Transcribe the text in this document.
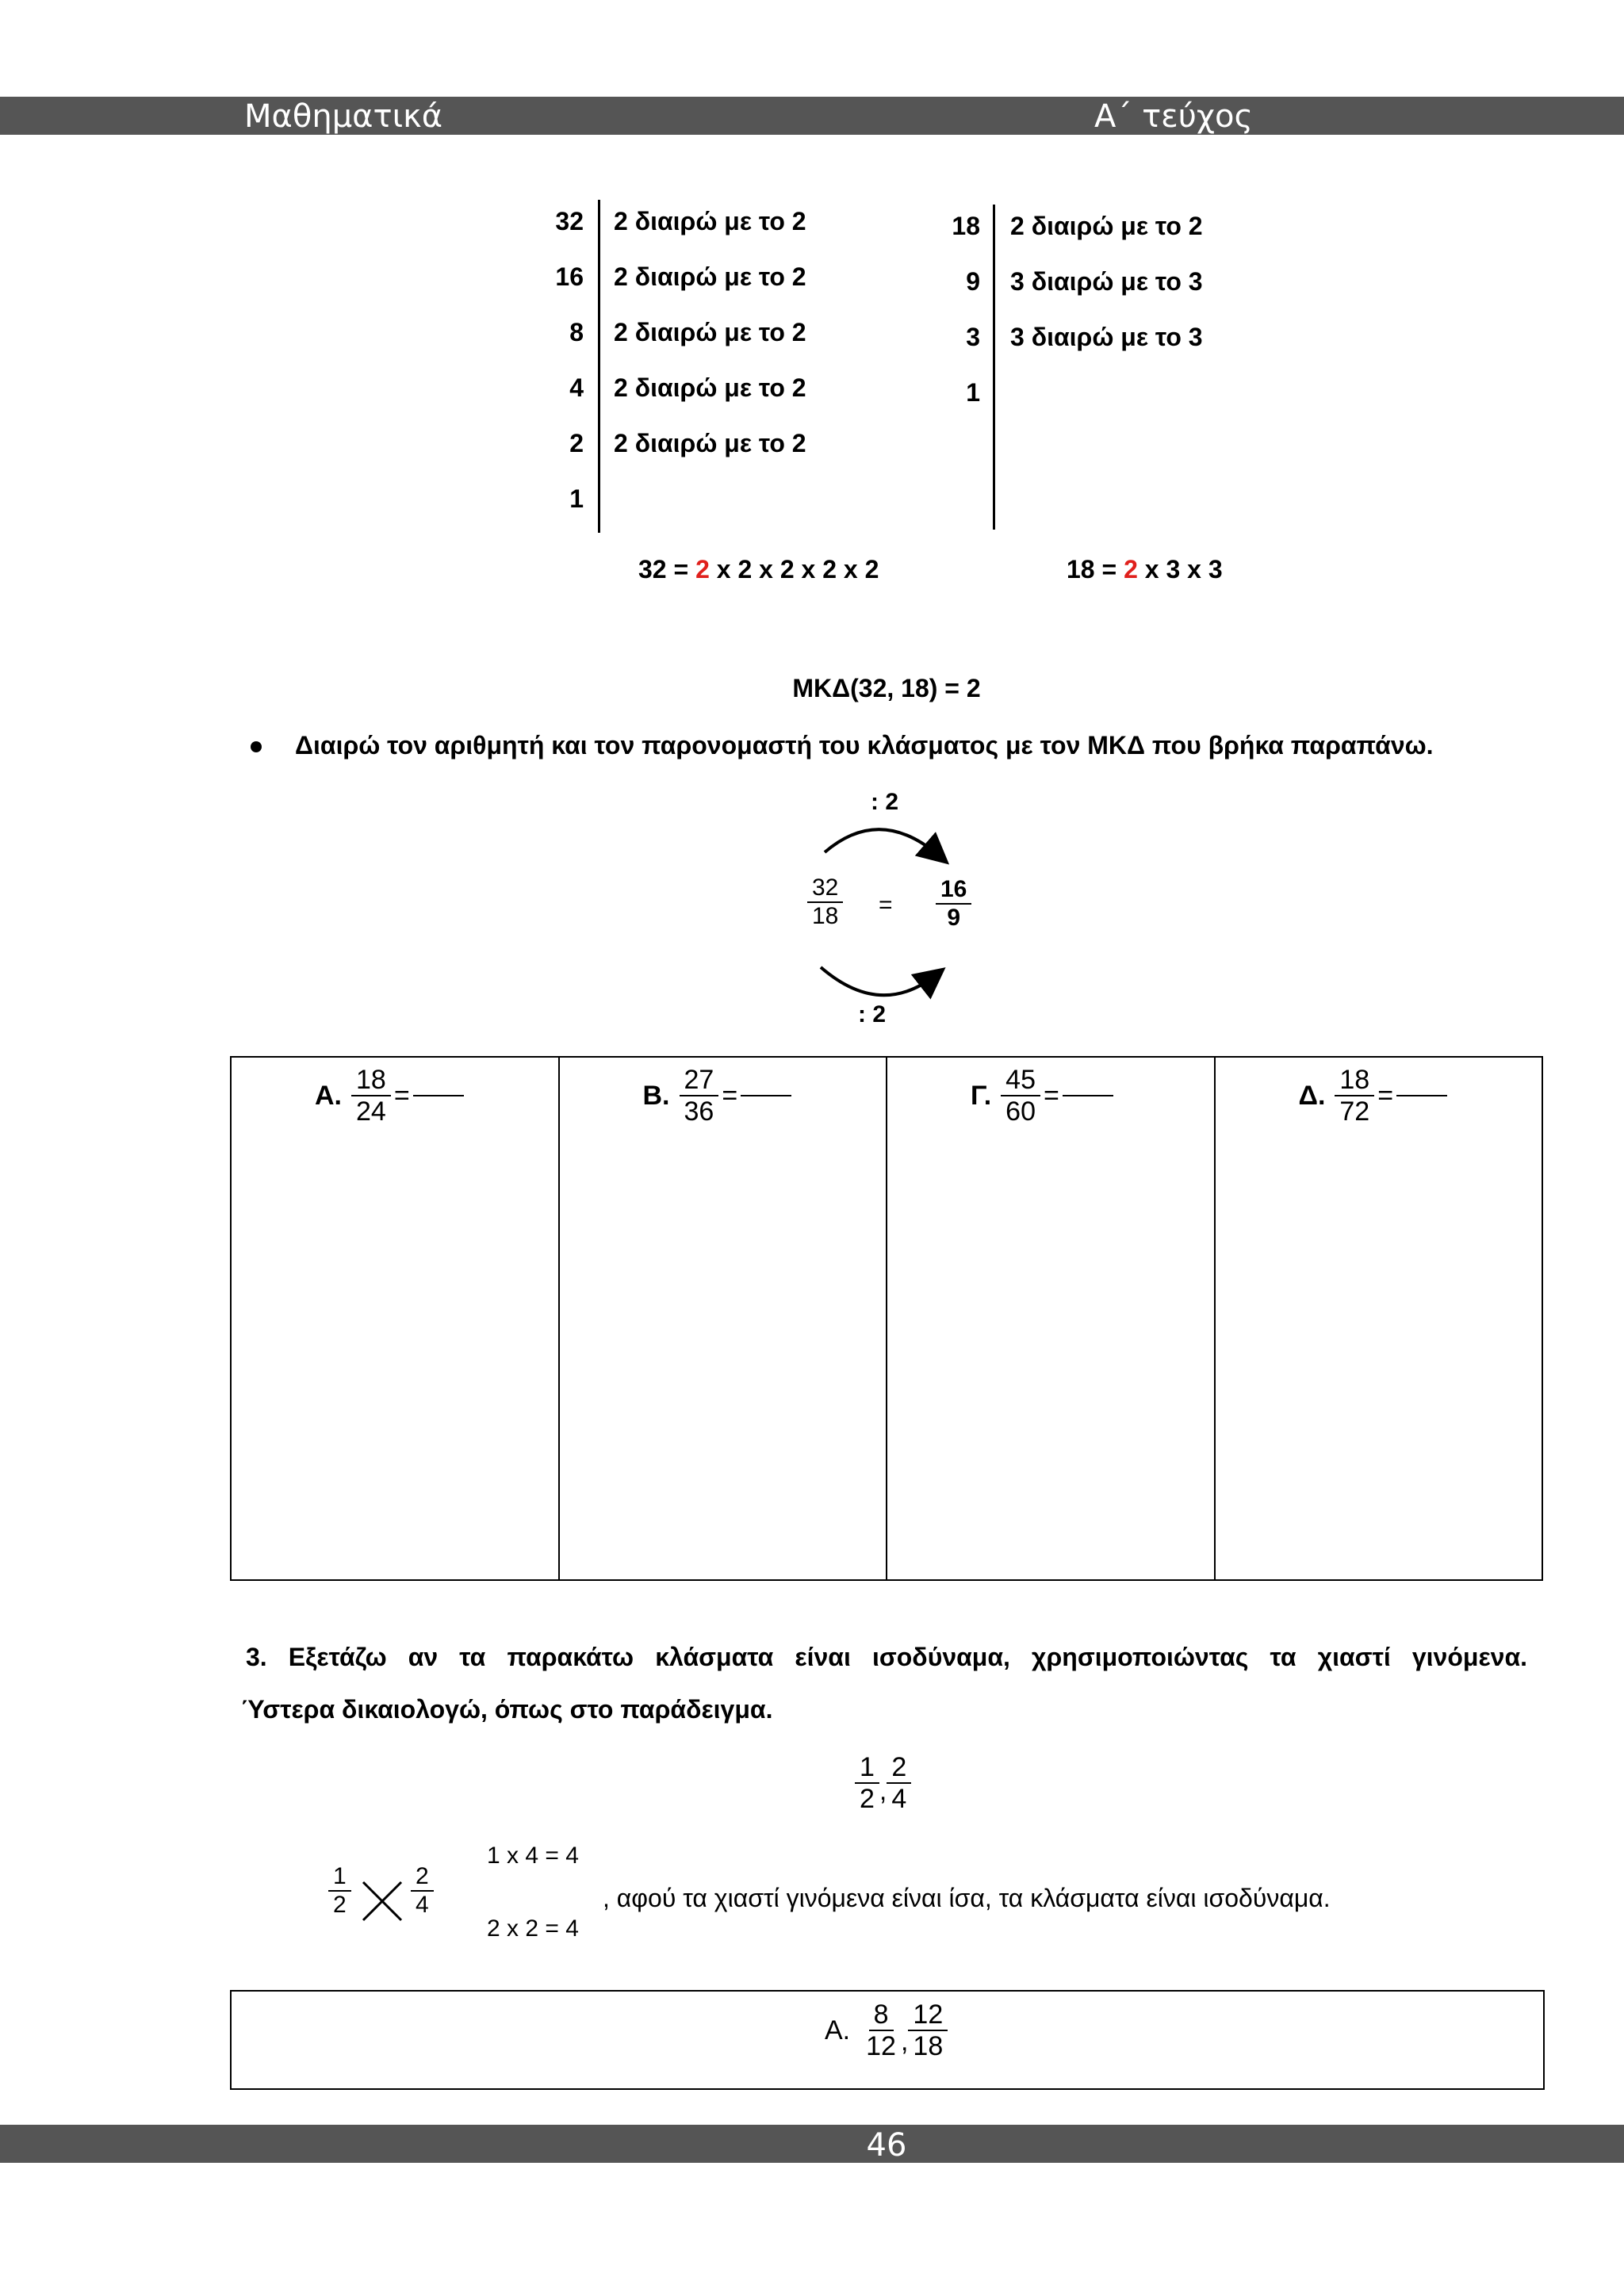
Μαθηματικά	Α΄ τεύχος
32 2 διαιρώ με το 2
16 2 διαιρώ με το 2
8 2 διαιρώ με το 2
4 2 διαιρώ με το 2
2 2 διαιρώ με το 2
1
18 2 διαιρώ με το 2
9 3 διαιρώ με το 3
3 3 διαιρώ με το 3
1
32 = 2 x 2 x 2 x 2 x 2	18 = 2 x 3 x 3
ΜΚΔ(32, 18) = 2
Διαιρώ τον αριθμητή και τον παρονομαστή του κλάσματος με τον ΜΚΔ που βρήκα παραπάνω.
: 2
$\frac{32}{18} = \frac{16}{9}$
: 2
Α. $\frac{18}{24}$ =	Β. $\frac{27}{36}$ =	Γ. $\frac{45}{60}$ =	Δ. $\frac{18}{72}$ =
3. Εξετάζω αν τα παρακάτω κλάσματα είναι ισοδύναμα, χρησιμοποιώντας τα χιαστί γινόμενα.
Ύστερα δικαιολογώ, όπως στο παράδειγμα.
$\frac{1}{2}$ , $\frac{2}{4}$
$\frac{1}{2}$	$\frac{2}{4}$
1 x 4 = 4
2 x 2 = 4
, αφού τα χιαστί γινόμενα είναι ίσα, τα κλάσματα είναι ισοδύναμα.
Α. $\frac{8}{12}$ , $\frac{12}{18}$
46
